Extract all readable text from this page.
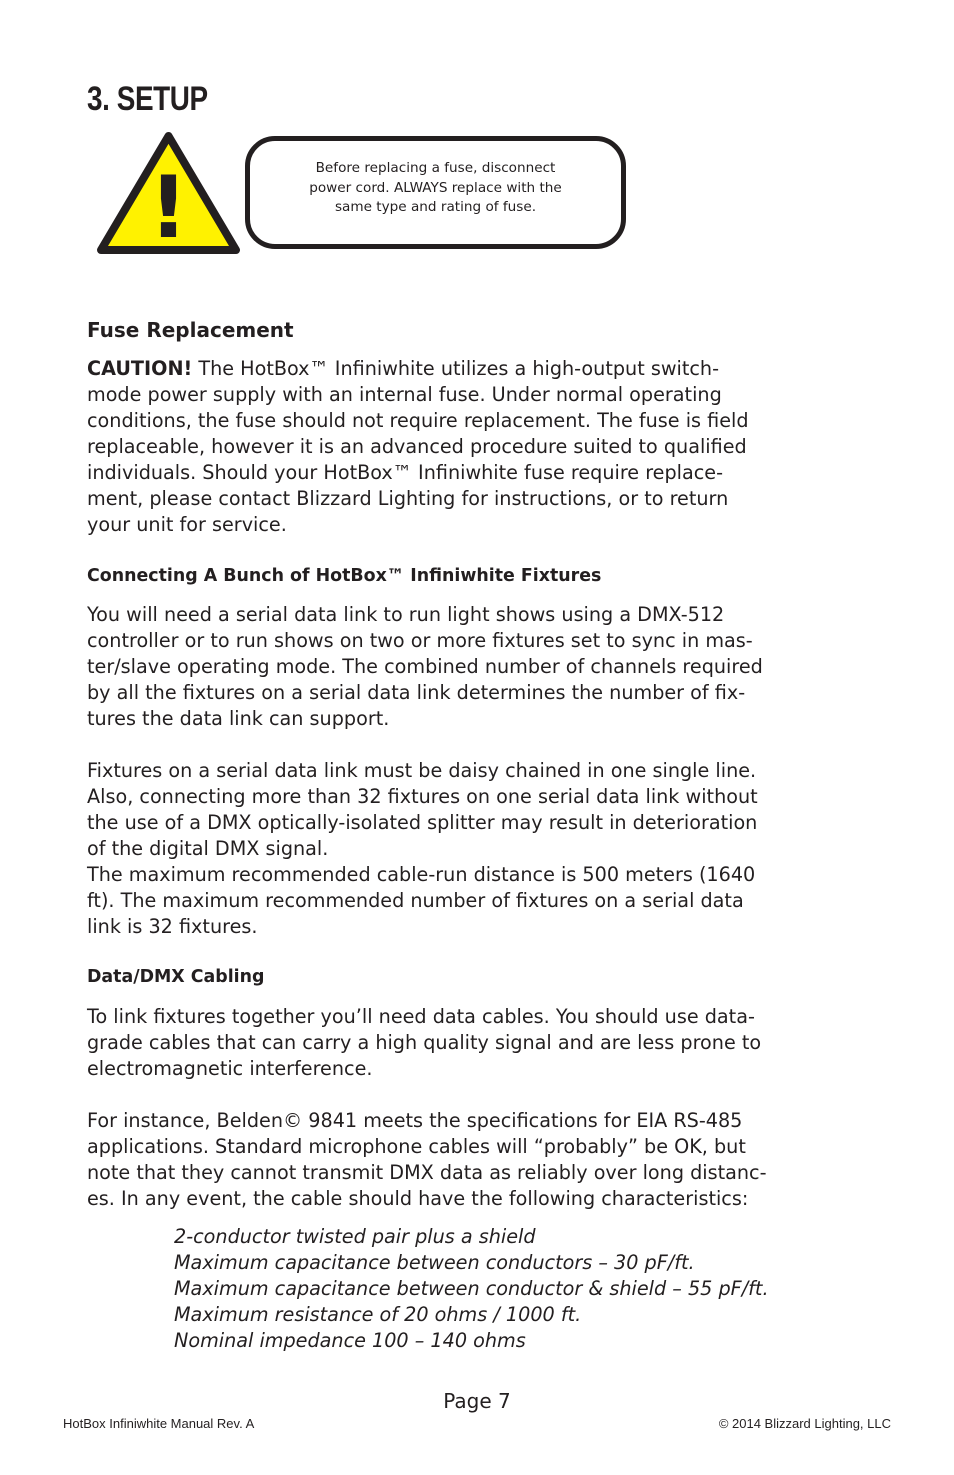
3. SETUP
!	Before replacing a fuse, disconnect
power cord. ALWAYS replace with the
same type and rating of fuse.
Fuse Replacement

CAUTION! The HotBox™ Infiniwhite utilizes a high-output switch-
mode power supply with an internal fuse. Under normal operating
conditions, the fuse should not require replacement. The fuse is field
replaceable, however it is an advanced procedure suited to qualified
individuals. Should your HotBox™ Infiniwhite fuse require replace-
ment, please contact Blizzard Lighting for instructions, or to return
your unit for service.

Connecting A Bunch of HotBox™ Infiniwhite Fixtures

You will need a serial data link to run light shows using a DMX-512
controller or to run shows on two or more fixtures set to sync in mas-
ter/slave operating mode. The combined number of channels required
by all the fixtures on a serial data link determines the number of fix-
tures the data link can support.

Fixtures on a serial data link must be daisy chained in one single line.
Also, connecting more than 32 fixtures on one serial data link without
the use of a DMX optically-isolated splitter may result in deterioration
of the digital DMX signal.
The maximum recommended cable-run distance is 500 meters (1640
ft). The maximum recommended number of fixtures on a serial data
link is 32 fixtures.

Data/DMX Cabling

To link fixtures together you’ll need data cables. You should use data-
grade cables that can carry a high quality signal and are less prone to
electromagnetic interference.

For instance, Belden© 9841 meets the specifications for EIA RS-485
applications. Standard microphone cables will “probably” be OK, but
note that they cannot transmit DMX data as reliably over long distanc-
es. In any event, the cable should have the following characteristics:

2-conductor twisted pair plus a shield
Maximum capacitance between conductors – 30 pF/ft.
Maximum capacitance between conductor & shield – 55 pF/ft.
Maximum resistance of 20 ohms / 1000 ft.
Nominal impedance 100 – 140 ohms
Page 7
HotBox Infiniwhite Manual Rev. A	© 2014 Blizzard Lighting, LLC
